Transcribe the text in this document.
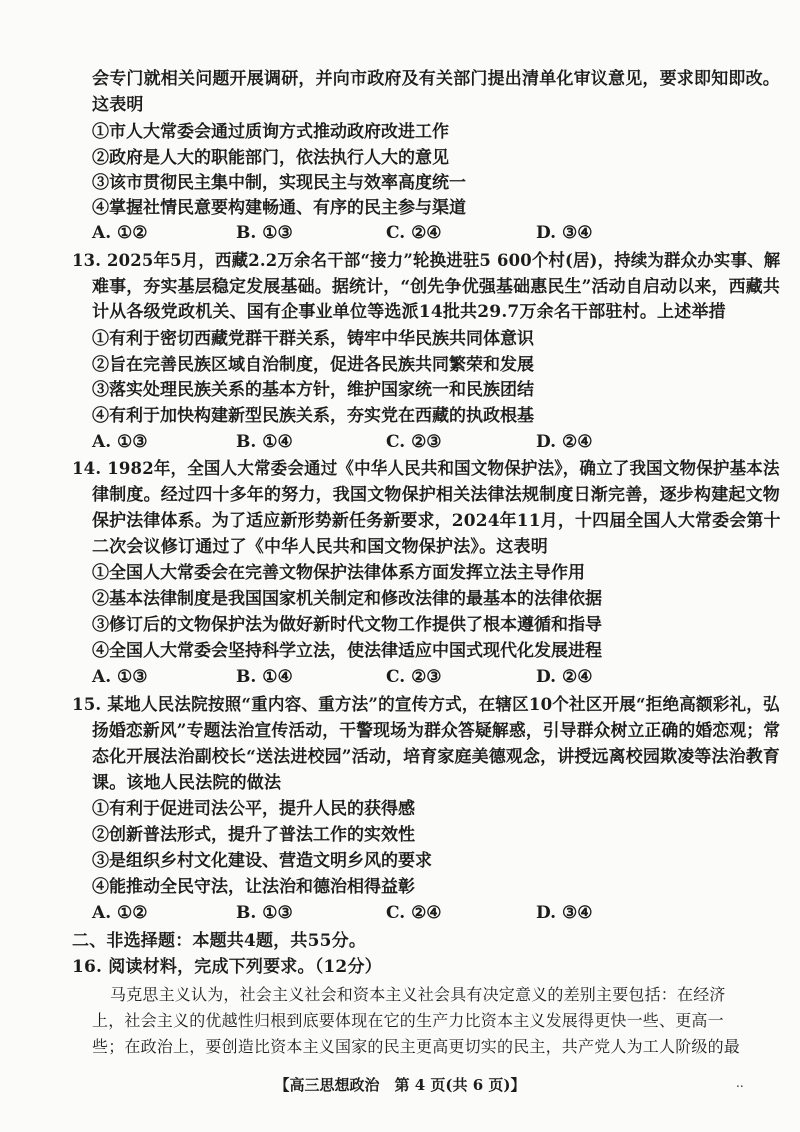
会专门就相关问题开展调研，并向市政府及有关部门提出清单化审议意见，要求即知即改。
这表明
①市人大常委会通过质询方式推动政府改进工作
②政府是人大的职能部门，依法执行人大的意见
③该市贯彻民主集中制，实现民主与效率高度统一
④掌握社情民意要构建畅通、有序的民主参与渠道
A. ①②	B. ①③	C. ②④	D. ③④
13. 2025年5月，西藏2.2万余名干部“接力”轮换进驻5 600个村(居)，持续为群众办实事、解
难事，夯实基层稳定发展基础。据统计，“创先争优强基础惠民生”活动自启动以来，西藏共
计从各级党政机关、国有企事业单位等选派14批共29.7万余名干部驻村。上述举措
①有利于密切西藏党群干群关系，铸牢中华民族共同体意识
②旨在完善民族区域自治制度，促进各民族共同繁荣和发展
③落实处理民族关系的基本方针，维护国家统一和民族团结
④有利于加快构建新型民族关系，夯实党在西藏的执政根基
A. ①③	B. ①④	C. ②③	D. ②④
14. 1982年，全国人大常委会通过《中华人民共和国文物保护法》，确立了我国文物保护基本法
律制度。经过四十多年的努力，我国文物保护相关法律法规制度日渐完善，逐步构建起文物
保护法律体系。为了适应新形势新任务新要求，2024年11月，十四届全国人大常委会第十
二次会议修订通过了《中华人民共和国文物保护法》。这表明
①全国人大常委会在完善文物保护法律体系方面发挥立法主导作用
②基本法律制度是我国国家机关制定和修改法律的最基本的法律依据
③修订后的文物保护法为做好新时代文物工作提供了根本遵循和指导
④全国人大常委会坚持科学立法，使法律适应中国式现代化发展进程
A. ①③	B. ①④	C. ②③	D. ②④
15. 某地人民法院按照“重内容、重方法”的宣传方式，在辖区10个社区开展“拒绝高额彩礼，弘
扬婚恋新风”专题法治宣传活动，干警现场为群众答疑解惑，引导群众树立正确的婚恋观；常
态化开展法治副校长“送法进校园”活动，培育家庭美德观念，讲授远离校园欺凌等法治教育
课。该地人民法院的做法
①有利于促进司法公平，提升人民的获得感
②创新普法形式，提升了普法工作的实效性
③是组织乡村文化建设、营造文明乡风的要求
④能推动全民守法，让法治和德治相得益彰
A. ①②	B. ①③	C. ②④	D. ③④
二、非选择题：本题共4题，共55分。
16. 阅读材料，完成下列要求。（12分）
马克思主义认为，社会主义社会和资本主义社会具有决定意义的差别主要包括：在经济
上，社会主义的优越性归根到底要体现在它的生产力比资本主义发展得更快一些、更高一
些；在政治上，要创造比资本主义国家的民主更高更切实的民主，共产党人为工人阶级的最
【高三思想政治　第 4 页(共 6 页)】	..
